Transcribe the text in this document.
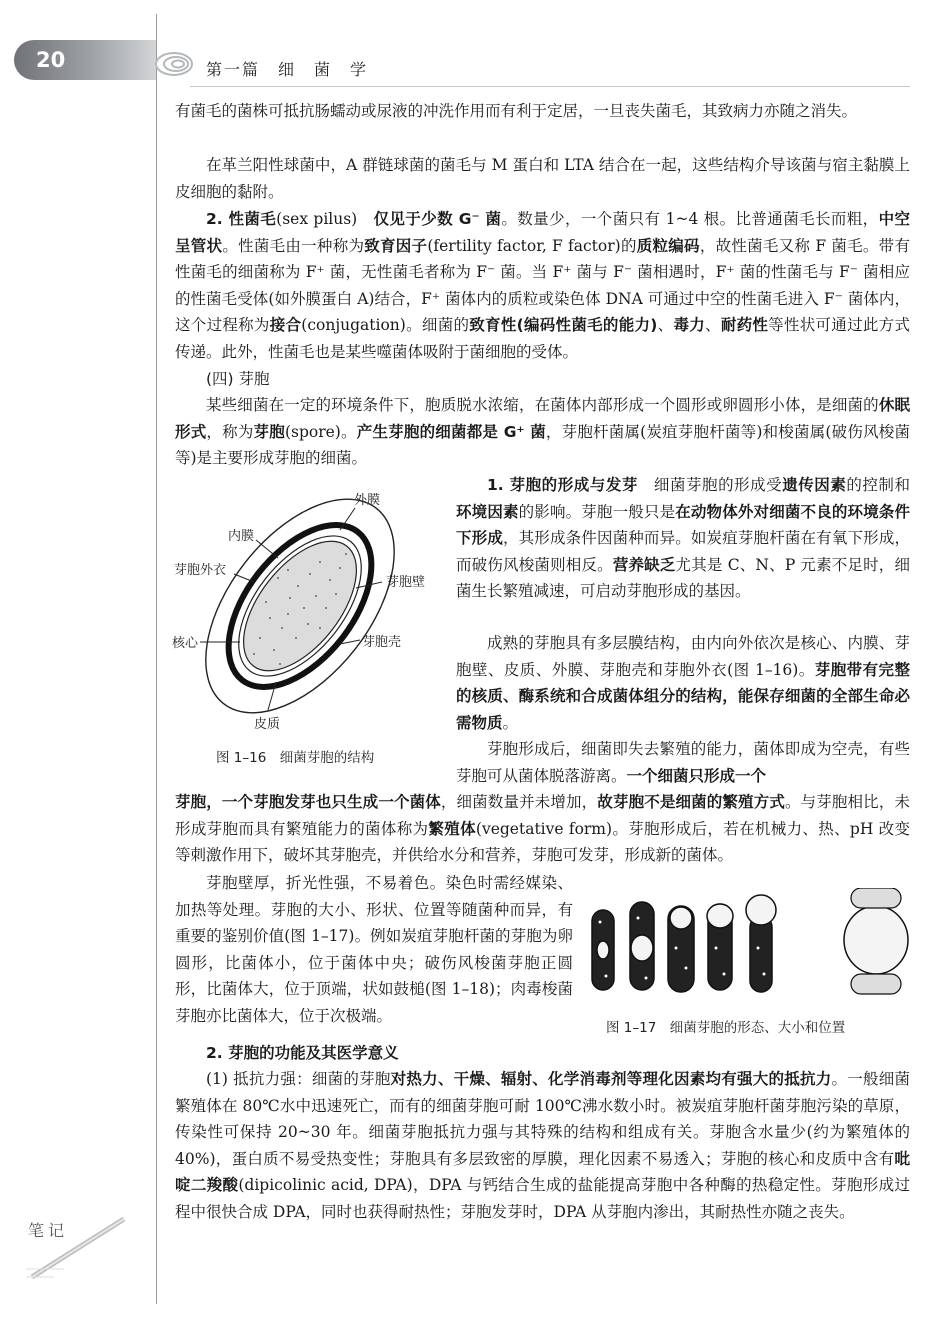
20	第一篇　细　菌　学

有菌毛的菌株可抵抗肠蠕动或尿液的冲洗作用而有利于定居，一旦丧失菌毛，其致病力亦随之消失。

在革兰阳性球菌中，A 群链球菌的菌毛与 M 蛋白和 LTA 结合在一起，这些结构介导该菌与宿主黏膜上皮细胞的黏附。

2. 性菌毛(sex pilus)　仅见于少数 G⁻ 菌。数量少，一个菌只有 1~4 根。比普通菌毛长而粗，中空呈管状。性菌毛由一种称为致育因子(fertility factor, F factor)的质粒编码，故性菌毛又称 F 菌毛。带有性菌毛的细菌称为 F⁺ 菌，无性菌毛者称为 F⁻ 菌。当 F⁺ 菌与 F⁻ 菌相遇时，F⁺ 菌的性菌毛与 F⁻ 菌相应的性菌毛受体(如外膜蛋白 A)结合，F⁺ 菌体内的质粒或染色体 DNA 可通过中空的性菌毛进入 F⁻ 菌体内，这个过程称为接合(conjugation)。细菌的致育性(编码性菌毛的能力)、毒力、耐药性等性状可通过此方式传递。此外，性菌毛也是某些噬菌体吸附于菌细胞的受体。

(四) 芽胞

某些细菌在一定的环境条件下，胞质脱水浓缩，在菌体内部形成一个圆形或卵圆形小体，是细菌的休眠形式，称为芽胞(spore)。产生芽胞的细菌都是 G⁺ 菌，芽胞杆菌属(炭疽芽胞杆菌等)和梭菌属(破伤风梭菌等)是主要形成芽胞的细菌。

外膜
内膜
芽胞外衣
芽胞壁
核心	芽胞壳
皮质
图 1–16　细菌芽胞的结构

1. 芽胞的形成与发芽　细菌芽胞的形成受遗传因素的控制和环境因素的影响。芽胞一般只是在动物体外对细菌不良的环境条件下形成，其形成条件因菌种而异。如炭疽芽胞杆菌在有氧下形成，而破伤风梭菌则相反。营养缺乏尤其是 C、N、P 元素不足时，细菌生长繁殖减速，可启动芽胞形成的基因。

成熟的芽胞具有多层膜结构，由内向外依次是核心、内膜、芽胞壁、皮质、外膜、芽胞壳和芽胞外衣(图 1–16)。芽胞带有完整的核质、酶系统和合成菌体组分的结构，能保存细菌的全部生命必需物质。

芽胞形成后，细菌即失去繁殖的能力，菌体即成为空壳，有些芽胞可从菌体脱落游离。一个细菌只形成一个

芽胞，一个芽胞发芽也只生成一个菌体，细菌数量并未增加，故芽胞不是细菌的繁殖方式。与芽胞相比，未形成芽胞而具有繁殖能力的菌体称为繁殖体(vegetative form)。芽胞形成后，若在机械力、热、pH 改变等刺激作用下，破坏其芽胞壳，并供给水分和营养，芽胞可发芽，形成新的菌体。

芽胞壁厚，折光性强，不易着色。染色时需经媒染、加热等处理。芽胞的大小、形状、位置等随菌种而异，有重要的鉴别价值(图 1–17)。例如炭疽芽胞杆菌的芽胞为卵圆形，比菌体小，位于菌体中央；破伤风梭菌芽胞正圆形，比菌体大，位于顶端，状如鼓槌(图 1–18)；肉毒梭菌芽胞亦比菌体大，位于次极端。

图 1–17　细菌芽胞的形态、大小和位置

2. 芽胞的功能及其医学意义

(1) 抵抗力强：细菌的芽胞对热力、干燥、辐射、化学消毒剂等理化因素均有强大的抵抗力。一般细菌繁殖体在 80℃水中迅速死亡，而有的细菌芽胞可耐 100℃沸水数小时。被炭疽芽胞杆菌芽胞污染的草原，传染性可保持 20~30 年。细菌芽胞抵抗力强与其特殊的结构和组成有关。芽胞含水量少(约为繁殖体的 40%)，蛋白质不易受热变性；芽胞具有多层致密的厚膜，理化因素不易透入；芽胞的核心和皮质中含有吡啶二羧酸(dipicolinic acid, DPA)，DPA 与钙结合生成的盐能提高芽胞中各种酶的热稳定性。芽胞形成过程中很快合成 DPA，同时也获得耐热性；芽胞发芽时，DPA 从芽胞内渗出，其耐热性亦随之丧失。

笔记
